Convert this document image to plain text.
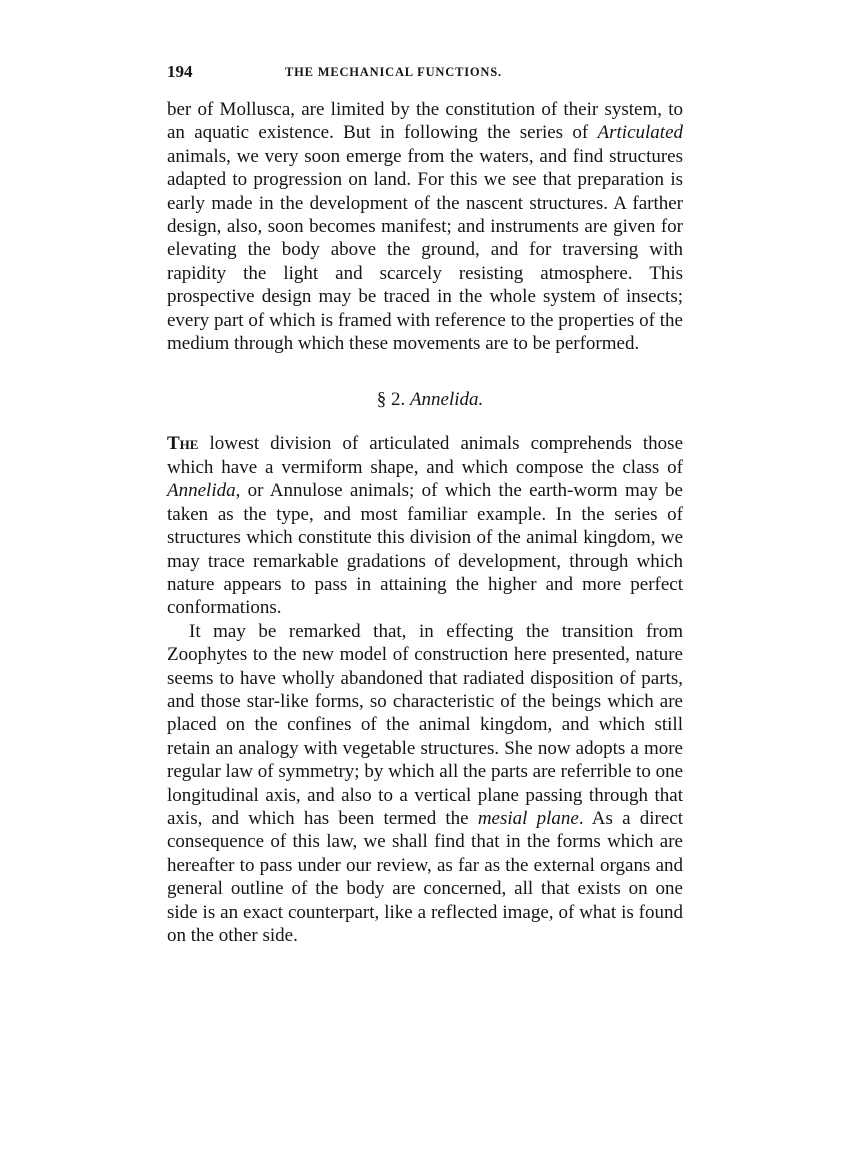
194	THE MECHANICAL FUNCTIONS.

ber of Mollusca, are limited by the constitution of their system, to an aquatic existence. But in following the series of Articulated animals, we very soon emerge from the waters, and find structures adapted to progression on land. For this we see that preparation is early made in the development of the nascent structures. A farther design, also, soon becomes manifest; and instruments are given for elevating the body above the ground, and for traversing with rapidity the light and scarcely resisting atmosphere. This prospective design may be traced in the whole system of insects; every part of which is framed with reference to the properties of the medium through which these movements are to be performed.

§ 2. Annelida.

The lowest division of articulated animals comprehends those which have a vermiform shape, and which compose the class of Annelida, or Annulose animals; of which the earth-worm may be taken as the type, and most familiar example. In the series of structures which constitute this division of the animal kingdom, we may trace remarkable gradations of development, through which nature appears to pass in attaining the higher and more perfect conformations.

It may be remarked that, in effecting the transition from Zoophytes to the new model of construction here presented, nature seems to have wholly abandoned that radiated disposition of parts, and those star-like forms, so characteristic of the beings which are placed on the confines of the animal kingdom, and which still retain an analogy with vegetable structures. She now adopts a more regular law of symmetry; by which all the parts are referrible to one longitudinal axis, and also to a vertical plane passing through that axis, and which has been termed the mesial plane. As a direct consequence of this law, we shall find that in the forms which are hereafter to pass under our review, as far as the external organs and general outline of the body are concerned, all that exists on one side is an exact counterpart, like a reflected image, of what is found on the other side.
